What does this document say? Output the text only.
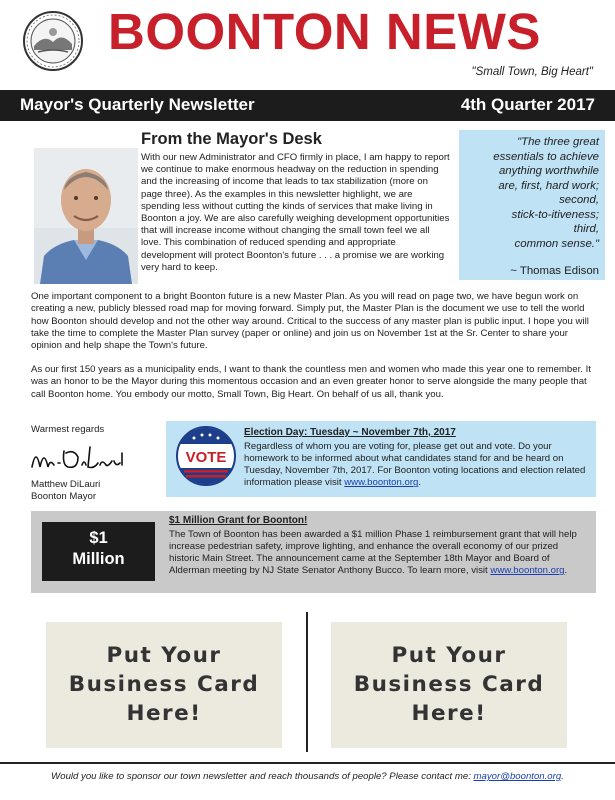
BOONTON NEWS
"Small Town, Big Heart"
Mayor's Quarterly Newsletter	4th Quarter 2017
From the Mayor's Desk

With our new Administrator and CFO firmly in place, I am happy to report we continue to make enormous headway on the reduction in spending and the increasing of income that leads to tax stabilization (more on page three). As the examples in this newsletter highlight, we are spending less without cutting the kinds of services that make living in Boonton a joy. We are also carefully weighing development opportunities that will increase income without changing the small town feel we all love. This combination of reduced spending and appropriate development will protect Boonton's future . . . a promise we are working very hard to keep.

"The three great
essentials to achieve
anything worthwhile
are, first, hard work;
second,
stick-to-itiveness;
third,
common sense."
~ Thomas Edison

One important component to a bright Boonton future is a new Master Plan. As you will read on page two, we have begun work on creating a new, publicly blessed road map for moving forward. Simply put, the Master Plan is the document we use to tell the world how Boonton should develop and not the other way around. Critical to the success of any master plan is public input. I hope you will take the time to complete the Master Plan survey (paper or online) and join us on November 1st at the Sr. Center to share your opinion and help shape the Town's future.

As our first 150 years as a municipality ends, I want to thank the countless men and women who made this year one to remember. It was an honor to be the Mayor during this momentous occasion and an even greater honor to serve alongside the many people that call Boonton home. You embody our motto, Small Town, Big Heart. On behalf of us all, thank you.

Warmest regards
Matthew DiLauri
Boonton Mayor
VOTE
Election Day: Tuesday ~ November 7th, 2017
Regardless of whom you are voting for, please get out and vote. Do your homework to be informed about what candidates stand for and be heard on Tuesday, November 7th, 2017. For Boonton voting locations and election related information please visit www.boonton.org.
$1
Million
$1 Million Grant for Boonton!
The Town of Boonton has been awarded a $1 million Phase 1 reimbursement grant that will help increase pedestrian safety, improve lighting, and enhance the overall economy of our prized historic Main Street. The announcement came at the September 18th Mayor and Board of Alderman meeting by NJ State Senator Anthony Bucco. To learn more, visit www.boonton.org.
Put Your
Business Card
Here!
Put Your
Business Card
Here!
Would you like to sponsor our town newsletter and reach thousands of people? Please contact me: mayor@boonton.org.
